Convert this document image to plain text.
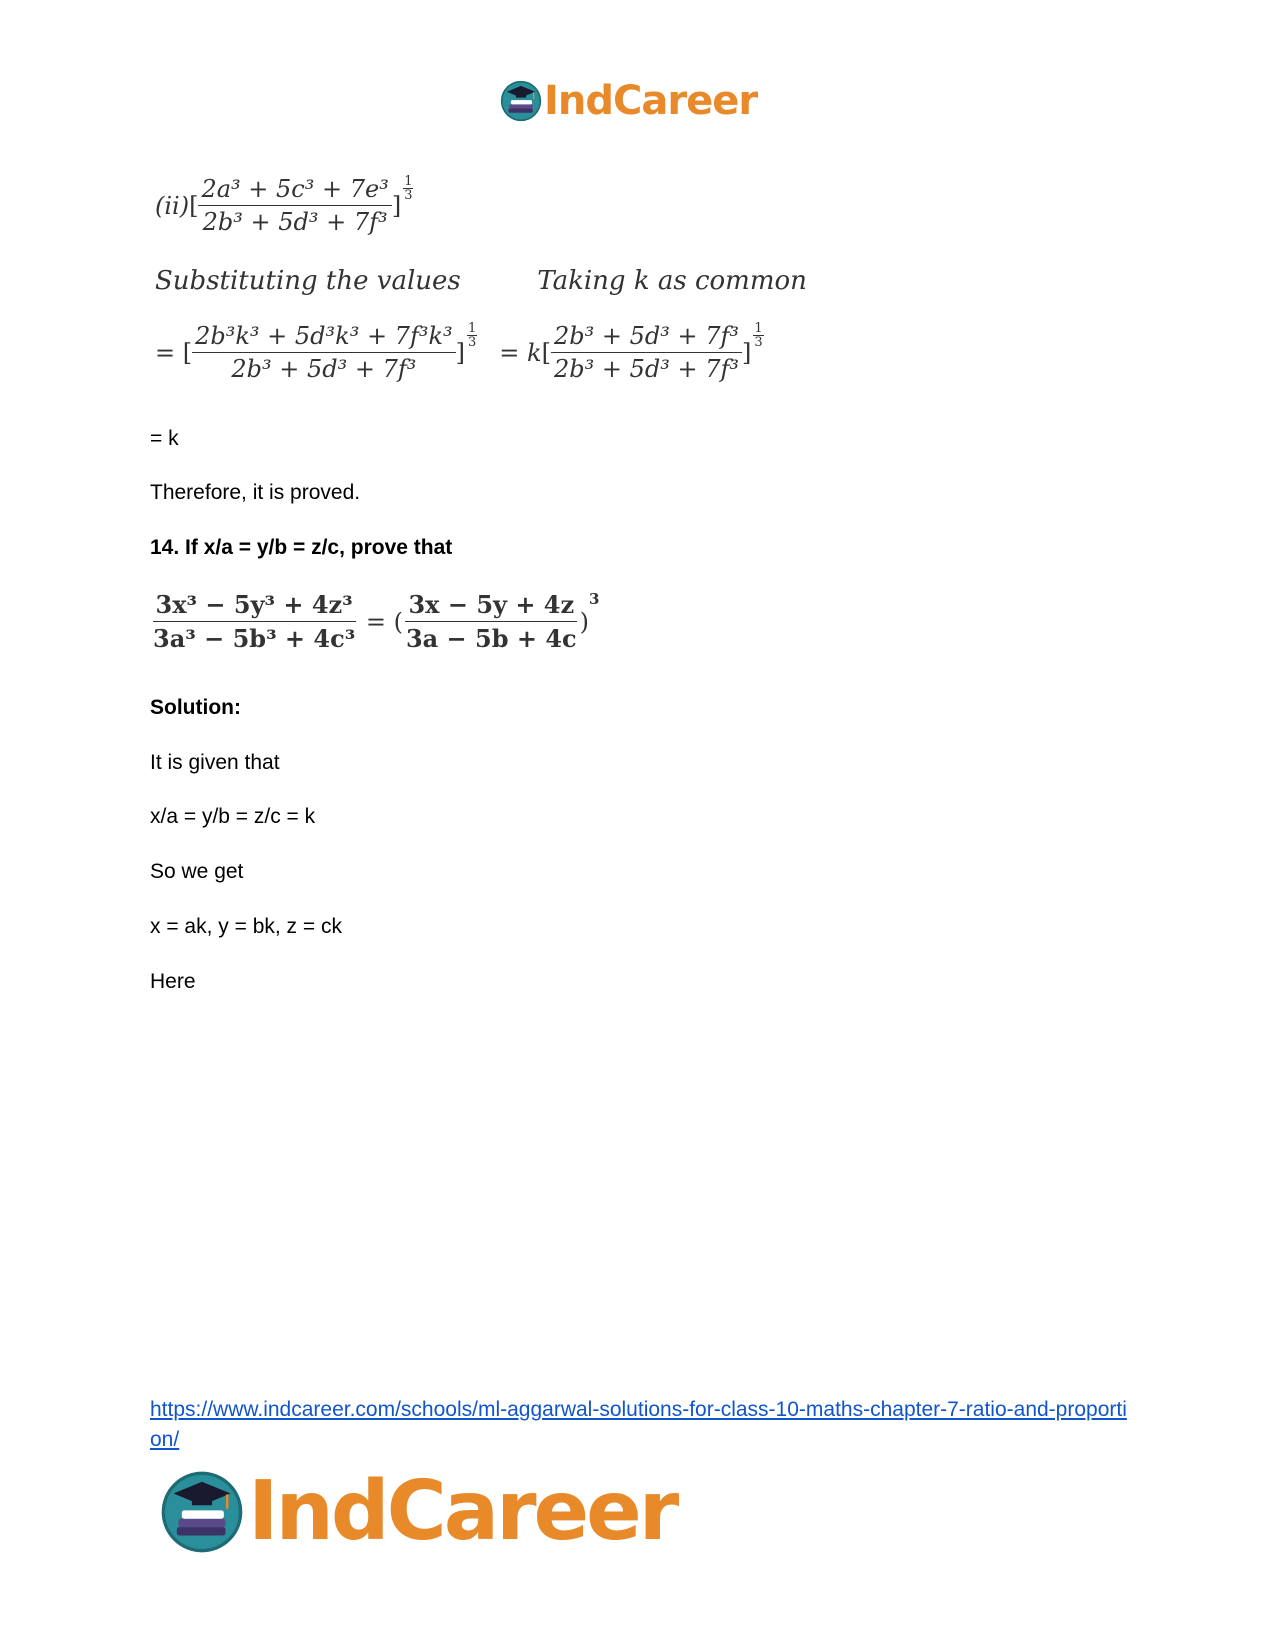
IndCareer
(ii) [ $\frac{\text{2a³ + 5c³ + 7e³}}{\text{2b³ + 5d³ + 7f³}}$ ]
$\frac{1}{3}$
Substituting the values	Taking k as common
= [ $\frac{\text{2b³k³ + 5d³k³ + 7f³k³}}{\text{2b³ + 5d³ + 7f³}}$ ]
$\frac{1}{3}$
= $k[ \frac{\text{2b³ + 5d³ + 7f³}}{\text{2b³ + 5d³ + 7f³}}$ ]
$\frac{1}{3}$
= k
Therefore, it is proved.
14. If x/a = y/b = z/c, prove that
$\frac{\text{3x³ − 5y³ + 4z³}}{\text{3a³ − 5b³ + 4c³}}$ = ( $\frac{3x - 5y + 4z}{3a - 5b + 4c}$ )
3
Solution:
It is given that
x/a = y/b = z/c = k
So we get
x = ak, y = bk, z = ck
Here
https://www.indcareer.com/schools/ml-aggarwal-solutions-for-class-10-maths-chapter-7-ratio-and-proportion/
IndCareer
